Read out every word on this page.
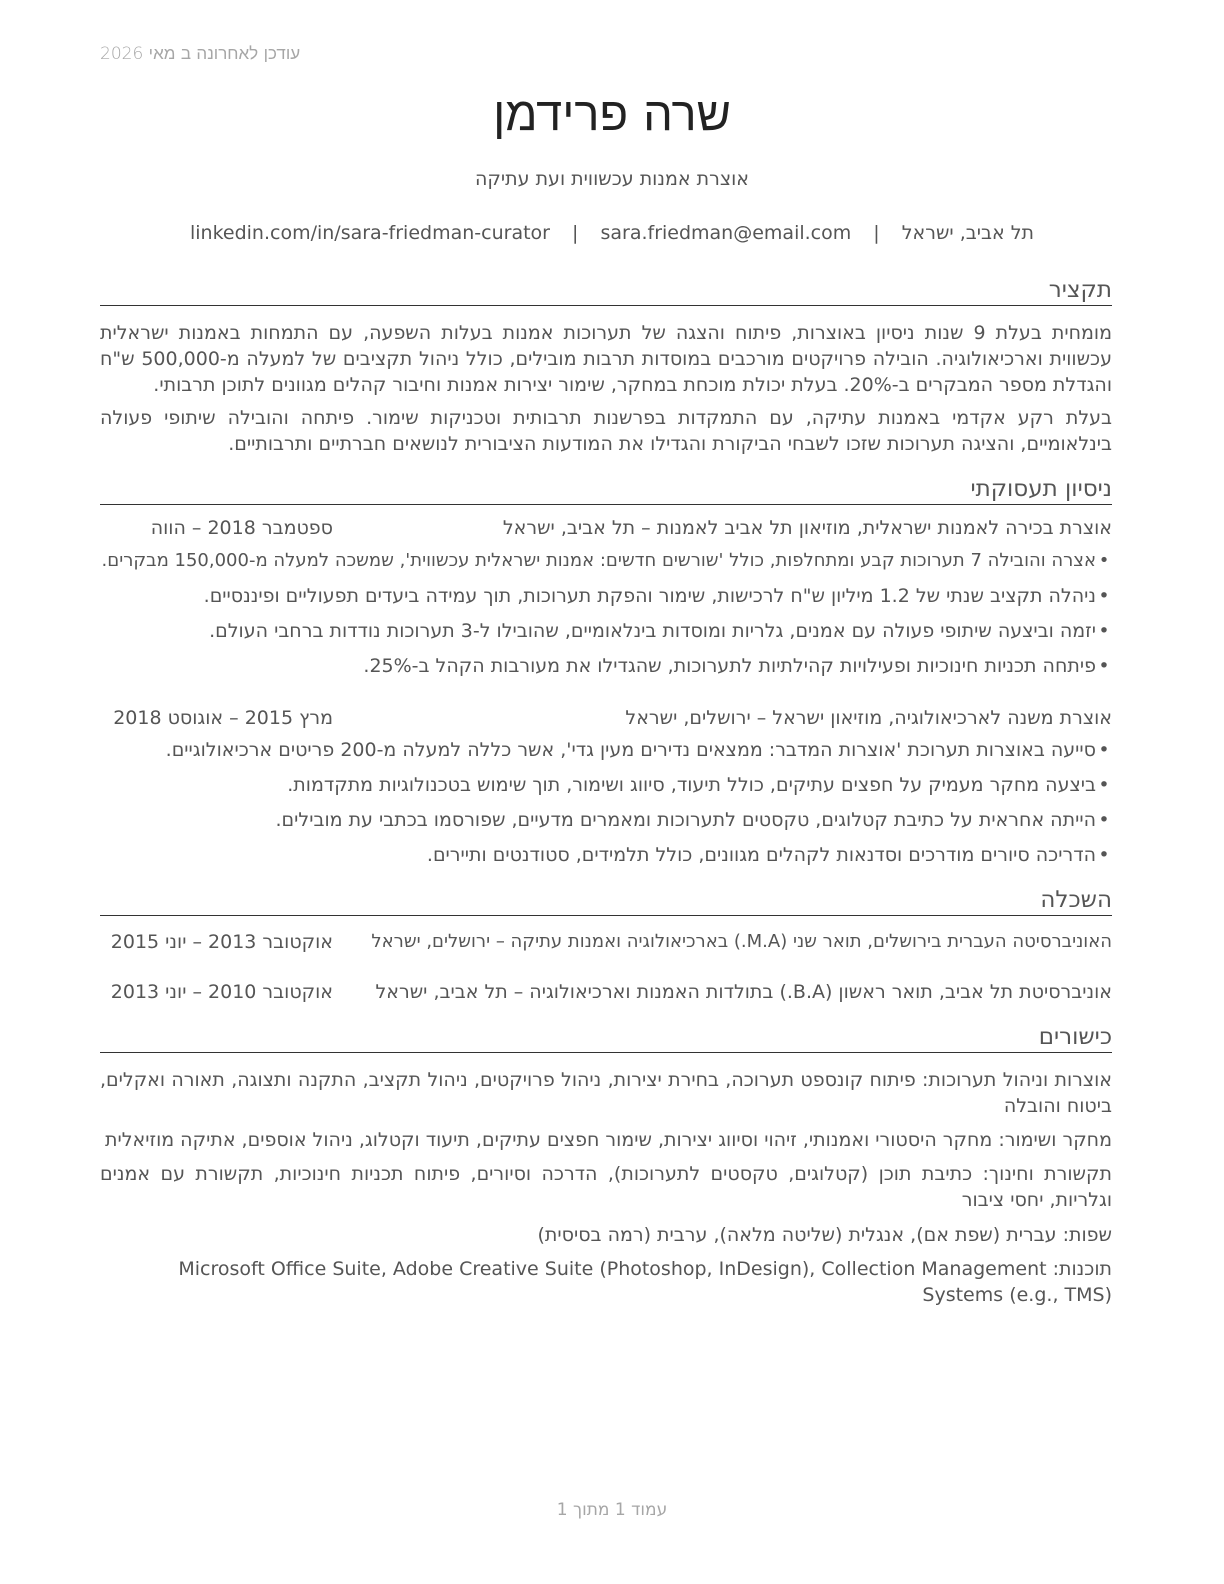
עודכן לאחרונה ב מאי 2026
שרה פרידמן
אוצרת אמנות עכשווית ועת עתיקה
תל אביב, ישראל | sara.friedman@email.com | linkedin.com/in/sara-friedman-curator
תקציר
מומחית בעלת 9 שנות ניסיון באוצרות, פיתוח והצגה של תערוכות אמנות בעלות השפעה, עם התמחות באמנות ישראלית עכשווית וארכיאולוגיה. הובילה פרויקטים מורכבים במוסדות תרבות מובילים, כולל ניהול תקציבים של למעלה מ-500,000 ש"ח והגדלת מספר המבקרים ב-20%. בעלת יכולת מוכחת במחקר, שימור יצירות אמנות וחיבור קהלים מגוונים לתוכן תרבותי.
בעלת רקע אקדמי באמנות עתיקה, עם התמקדות בפרשנות תרבותית וטכניקות שימור. פיתחה והובילה שיתופי פעולה בינלאומיים, והציגה תערוכות שזכו לשבחי הביקורת והגדילו את המודעות הציבורית לנושאים חברתיים ותרבותיים.
ניסיון תעסוקתי
אוצרת בכירה לאמנות ישראלית, מוזיאון תל אביב לאמנות – תל אביב, ישראל
ספטמבר 2018 – הווה
•אצרה והובילה 7 תערוכות קבע ומתחלפות, כולל 'שורשים חדשים: אמנות ישראלית עכשווית', שמשכה למעלה מ-150,000 מבקרים.
•ניהלה תקציב שנתי של 1.2 מיליון ש"ח לרכישות, שימור והפקת תערוכות, תוך עמידה ביעדים תפעוליים ופיננסיים.
•יזמה וביצעה שיתופי פעולה עם אמנים, גלריות ומוסדות בינלאומיים, שהובילו ל-3 תערוכות נודדות ברחבי העולם.
•פיתחה תכניות חינוכיות ופעילויות קהילתיות לתערוכות, שהגדילו את מעורבות הקהל ב-25%.
אוצרת משנה לארכיאולוגיה, מוזיאון ישראל – ירושלים, ישראל
מרץ 2015 – אוגוסט 2018
•סייעה באוצרות תערוכת 'אוצרות המדבר: ממצאים נדירים מעין גדי', אשר כללה למעלה מ-200 פריטים ארכיאולוגיים.
•ביצעה מחקר מעמיק על חפצים עתיקים, כולל תיעוד, סיווג ושימור, תוך שימוש בטכנולוגיות מתקדמות.
•הייתה אחראית על כתיבת קטלוגים, טקסטים לתערוכות ומאמרים מדעיים, שפורסמו בכתבי עת מובילים.
•הדריכה סיורים מודרכים וסדנאות לקהלים מגוונים, כולל תלמידים, סטודנטים ותיירים.
השכלה
האוניברסיטה העברית בירושלים, תואר שני (M.A.) בארכיאולוגיה ואמנות עתיקה – ירושלים, ישראל
אוקטובר 2013 – יוני 2015
אוניברסיטת תל אביב, תואר ראשון (B.A.) בתולדות האמנות וארכיאולוגיה – תל אביב, ישראל
אוקטובר 2010 – יוני 2013
כישורים
אוצרות וניהול תערוכות: פיתוח קונספט תערוכה, בחירת יצירות, ניהול פרויקטים, ניהול תקציב, התקנה ותצוגה, תאורה ואקלים, ביטוח והובלה
מחקר ושימור: מחקר היסטורי ואמנותי, זיהוי וסיווג יצירות, שימור חפצים עתיקים, תיעוד וקטלוג, ניהול אוספים, אתיקה מוזיאלית
תקשורת וחינוך: כתיבת תוכן (קטלוגים, טקסטים לתערוכות), הדרכה וסיורים, פיתוח תכניות חינוכיות, תקשורת עם אמנים וגלריות, יחסי ציבור
שפות: עברית (שפת אם), אנגלית (שליטה מלאה), ערבית (רמה בסיסית)
תוכנות: Microsoft Office Suite, Adobe Creative Suite (Photoshop, InDesign), Collection Management Systems (e.g., TMS)
עמוד 1 מתוך 1
